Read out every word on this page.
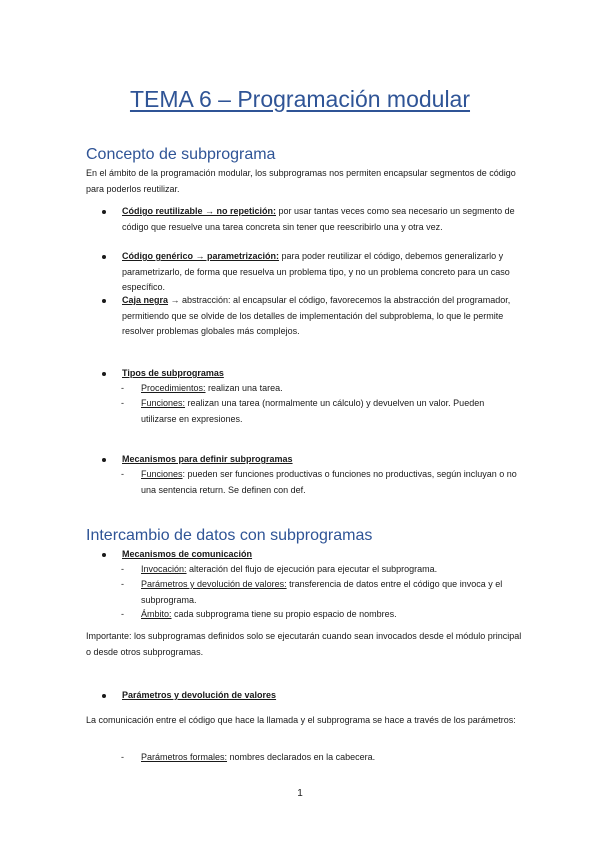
TEMA 6 – Programación modular
Concepto de subprograma
En el ámbito de la programación modular, los subprogramas nos permiten encapsular segmentos de código para poderlos reutilizar.
Código reutilizable → no repetición: por usar tantas veces como sea necesario un segmento de código que resuelve una tarea concreta sin tener que reescribirlo una y otra vez.
Código genérico → parametrización: para poder reutilizar el código, debemos generalizarlo y parametrizarlo, de forma que resuelva un problema tipo, y no un problema concreto para un caso específico.
Caja negra → abstracción: al encapsular el código, favorecemos la abstracción del programador, permitiendo que se olvide de los detalles de implementación del subproblema, lo que le permite resolver problemas globales más complejos.
Tipos de subprogramas
- Procedimientos: realizan una tarea.
- Funciones: realizan una tarea (normalmente un cálculo) y devuelven un valor. Pueden utilizarse en expresiones.
Mecanismos para definir subprogramas
- Funciones: pueden ser funciones productivas o funciones no productivas, según incluyan o no una sentencia return. Se definen con def.
Intercambio de datos con subprogramas
Mecanismos de comunicación
- Invocación: alteración del flujo de ejecución para ejecutar el subprograma.
- Parámetros y devolución de valores: transferencia de datos entre el código que invoca y el subprograma.
- Ámbito: cada subprograma tiene su propio espacio de nombres.
Importante: los subprogramas definidos solo se ejecutarán cuando sean invocados desde el módulo principal o desde otros subprogramas.
Parámetros y devolución de valores
La comunicación entre el código que hace la llamada y el subprograma se hace a través de los parámetros:
- Parámetros formales: nombres declarados en la cabecera.
1
